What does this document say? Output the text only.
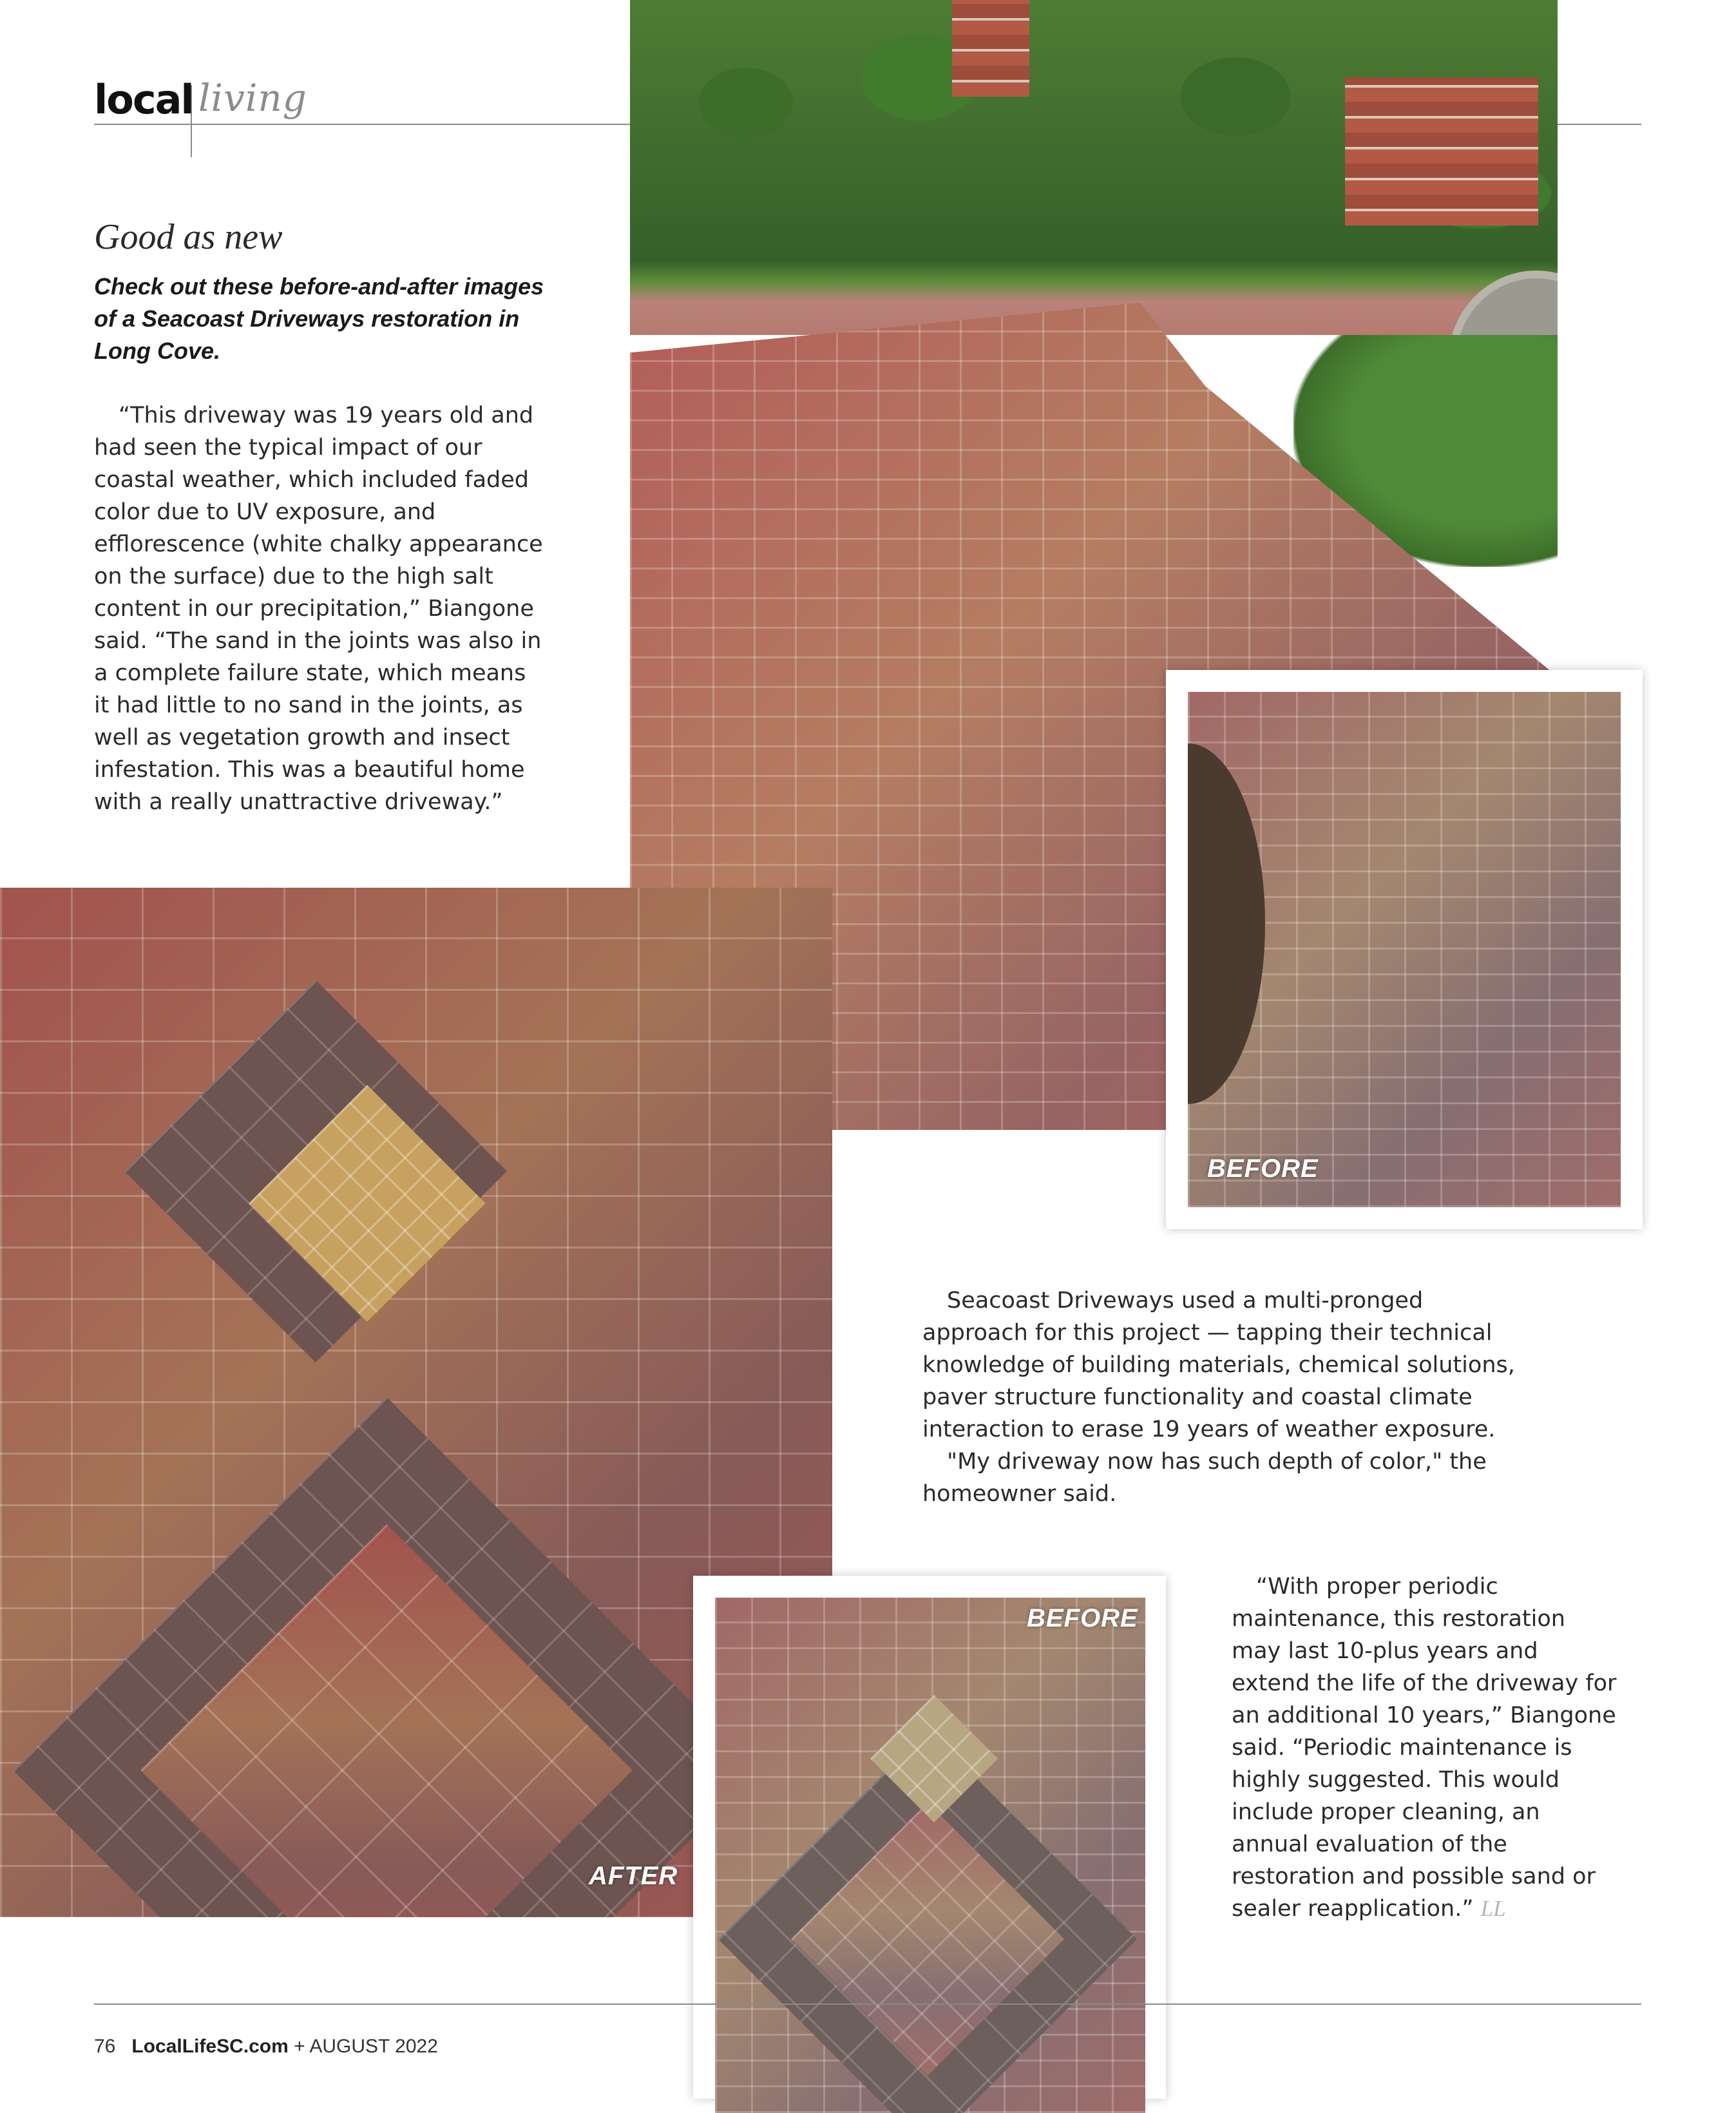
local living
BEFORE
AFTER
BEFORE
Good as new
Check out these before-and-after images of a Seacoast Driveways restoration in Long Cove.

“This driveway was 19 years old and had seen the typical impact of our coastal weather, which included faded color due to UV exposure, and efflorescence (white chalky appearance on the surface) due to the high salt content in our precipitation,” Biangone said. “The sand in the joints was also in a complete failure state, which means it had little to no sand in the joints, as well as vegetation growth and insect infestation. This was a beautiful home with a really unattractive driveway.”

Seacoast Driveways used a multi-pronged approach for this project — tapping their technical knowledge of building materials, chemical solutions, paver structure functionality and coastal climate interaction to erase 19 years of weather exposure.

"My driveway now has such depth of color," the homeowner said.

“With proper periodic maintenance, this restoration may last 10-plus years and extend the life of the driveway for an additional 10 years,” Biangone said. “Periodic maintenance is highly suggested. This would include proper cleaning, an annual evaluation of the restoration and possible sand or sealer reapplication.” LL

76 LocalLifeSC.com + AUGUST 2022
